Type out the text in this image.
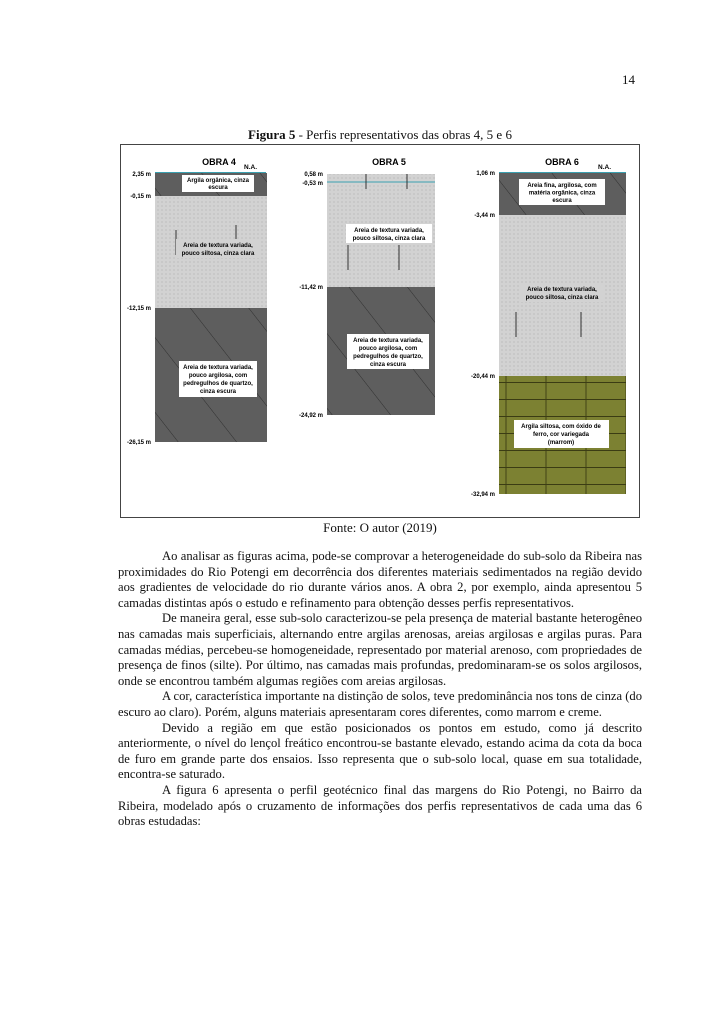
14
Figura 5 - Perfis representativos das obras 4, 5 e 6
OBRA 4
N.A.
2,35 m
-0,15 m
-12,15 m
-26,15 m
Argila orgânica, cinza
escura
Areia de textura variada,
pouco siltosa, cinza clara
Areia de textura variada,
pouco argilosa, com
pedregulhos de quartzo,
cinza escura
OBRA 5
0,58 m
-0,53 m
-11,42 m
-24,92 m
Areia de textura variada,
pouco siltosa, cinza clara
Areia de textura variada,
pouco argilosa, com
pedregulhos de quartzo,
cinza escura
OBRA 6
N.A.
1,06 m
-3,44 m
-20,44 m
-32,94 m
Areia fina, argilosa, com
matéria orgânica, cinza
escura
Areia de textura variada,
pouco siltosa, cinza clara
Argila siltosa, com óxido de
ferro, cor variegada
(marrom)
Fonte: O autor (2019)

Ao analisar as figuras acima, pode-se comprovar a heterogeneidade do sub-solo da Ribeira nas proximidades do Rio Potengi em decorrência dos diferentes materiais sedimentados na região devido aos gradientes de velocidade do rio durante vários anos. A obra 2, por exemplo, ainda apresentou 5 camadas distintas após o estudo e refinamento para obtenção desses perfis representativos.

De maneira geral, esse sub-solo caracterizou-se pela presença de material bastante heterogêneo nas camadas mais superficiais, alternando entre argilas arenosas, areias argilosas e argilas puras. Para camadas médias, percebeu-se homogeneidade, representado por material arenoso, com propriedades de presença de finos (silte). Por último, nas camadas mais profundas, predominaram-se os solos argilosos, onde se encontrou também algumas regiões com areias argilosas.

A cor, característica importante na distinção de solos, teve predominância nos tons de cinza (do escuro ao claro). Porém, alguns materiais apresentaram cores diferentes, como marrom e creme.

Devido a região em que estão posicionados os pontos em estudo, como já descrito anteriormente, o nível do lençol freático encontrou-se bastante elevado, estando acima da cota da boca de furo em grande parte dos ensaios. Isso representa que o sub-solo local, quase em sua totalidade, encontra-se saturado.

A figura 6 apresenta o perfil geotécnico final das margens do Rio Potengi, no Bairro da Ribeira, modelado após o cruzamento de informações dos perfis representativos de cada uma das 6 obras estudadas:
